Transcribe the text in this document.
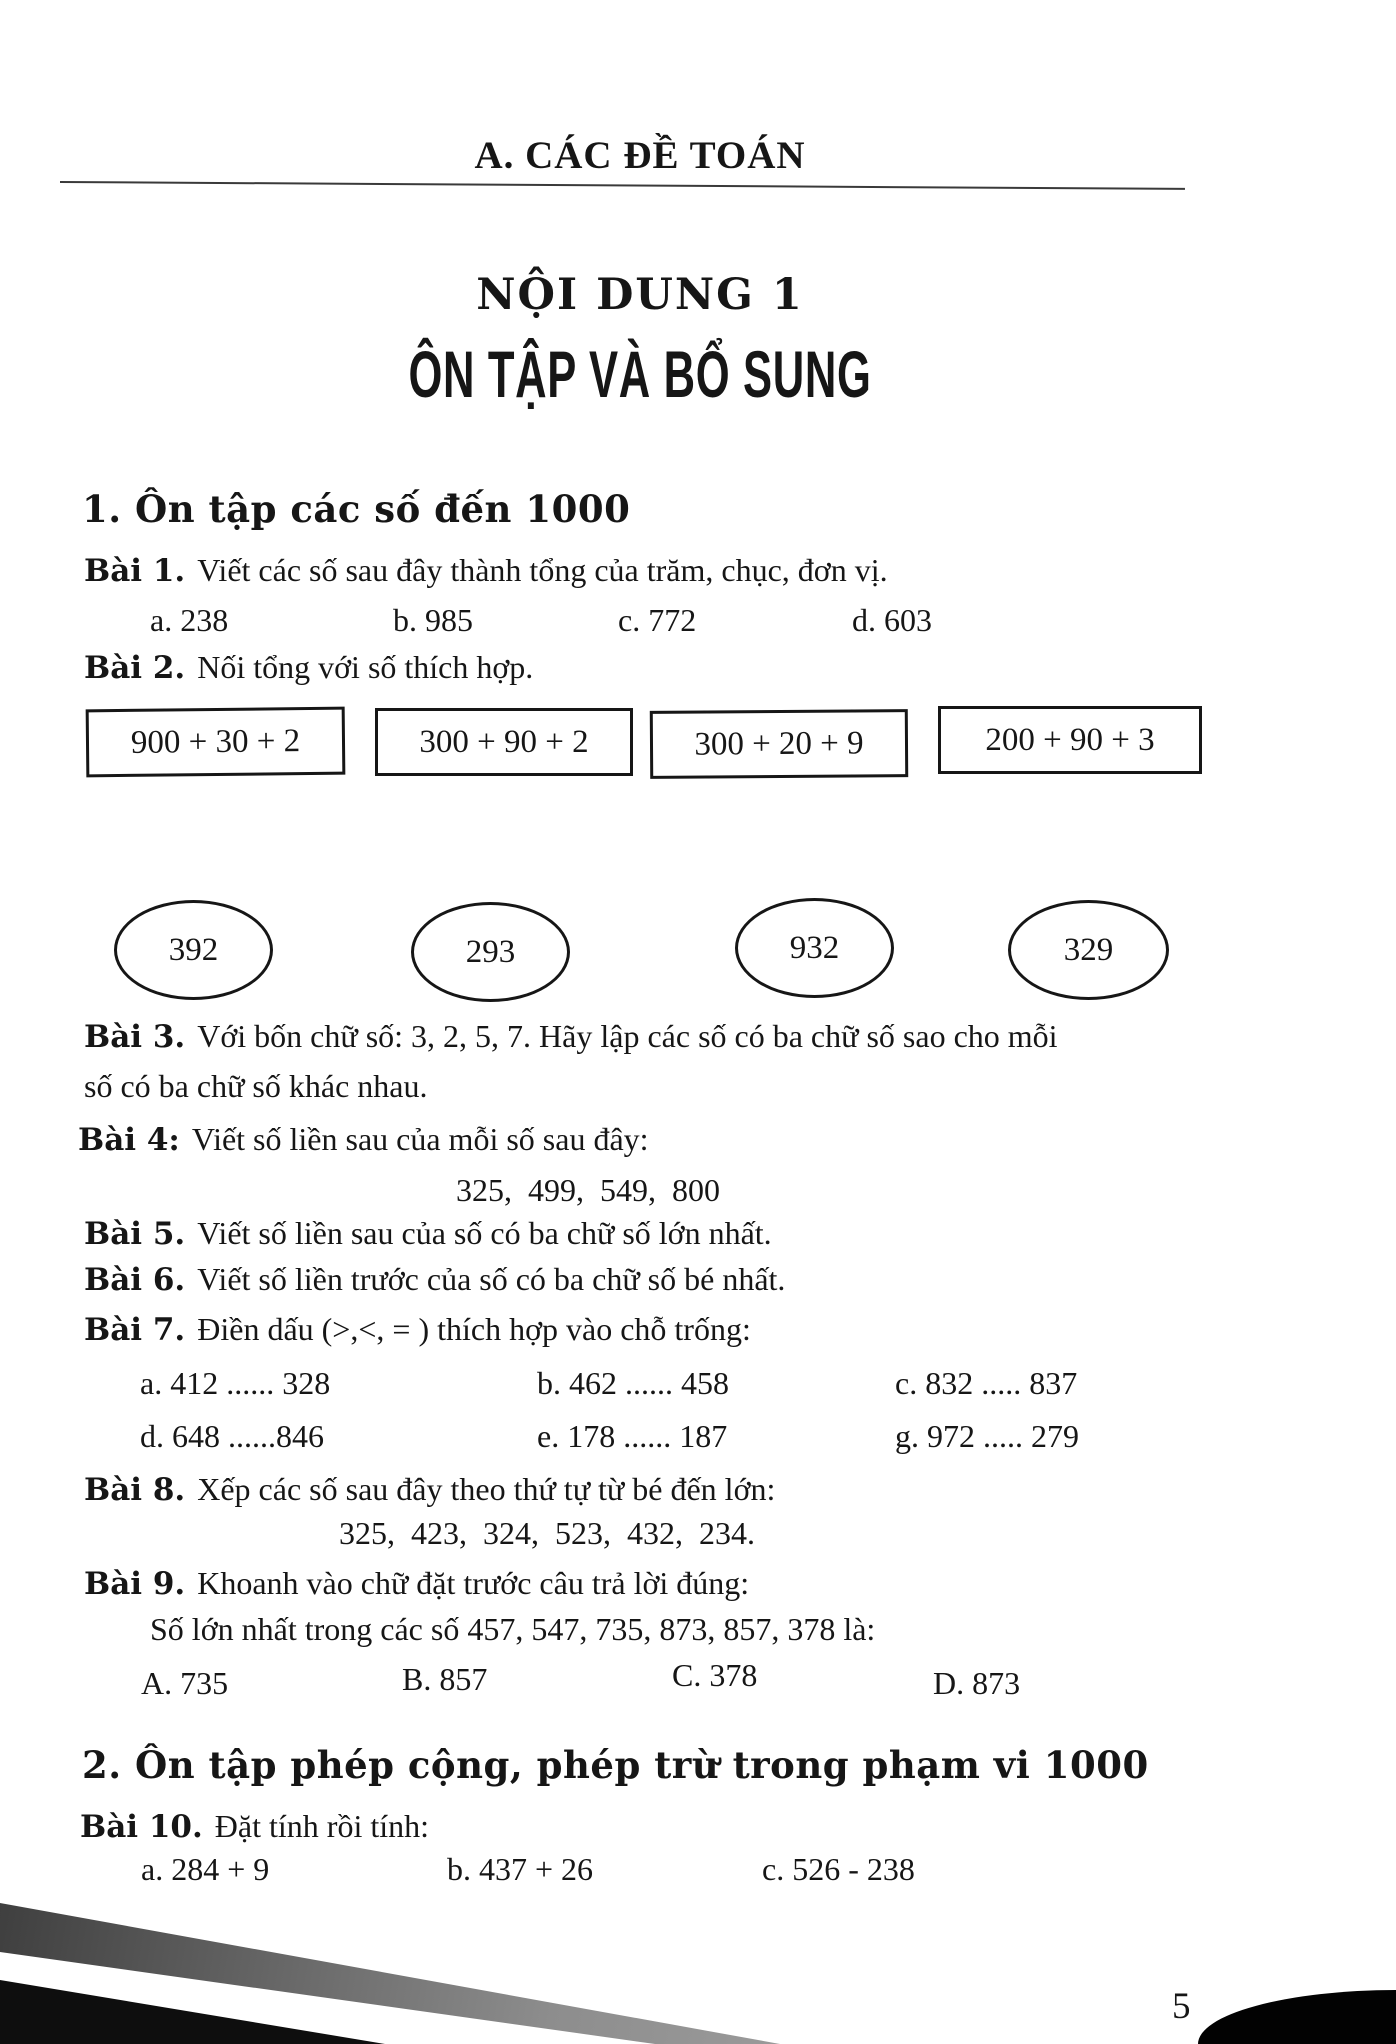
A. CÁC ĐỀ TOÁN
NỘI DUNG 1
ÔN TẬP VÀ BỔ SUNG
1. Ôn tập các số đến 1000
Bài 1. Viết các số sau đây thành tổng của trăm, chục, đơn vị.
a. 238	b. 985	c. 772	d. 603
Bài 2. Nối tổng với số thích hợp.
900 + 30 + 2	300 + 90 + 2	300 + 20 + 9	200 + 90 + 3
392	293	932	329
Bài 3. Với bốn chữ số: 3, 2, 5, 7. Hãy lập các số có ba chữ số sao cho mỗi
số có ba chữ số khác nhau.
Bài 4: Viết số liền sau của mỗi số sau đây:
325,  499,  549,  800
Bài 5. Viết số liền sau của số có ba chữ số lớn nhất.
Bài 6. Viết số liền trước của số có ba chữ số bé nhất.
Bài 7. Điền dấu (>,<, = ) thích hợp vào chỗ trống:
a. 412 ...... 328	b. 462 ...... 458	c. 832 ..... 837
d. 648 ......846	e. 178 ...... 187	g. 972 ..... 279
Bài 8. Xếp các số sau đây theo thứ tự từ bé đến lớn:
325,  423,  324,  523,  432,  234.
Bài 9. Khoanh vào chữ đặt trước câu trả lời đúng:
Số lớn nhất trong các số 457, 547, 735, 873, 857, 378 là:
A. 735	B. 857	C. 378	D. 873
2. Ôn tập phép cộng, phép trừ trong phạm vi 1000
Bài 10. Đặt tính rồi tính:
a. 284 + 9	b. 437 + 26	c. 526 - 238
5
